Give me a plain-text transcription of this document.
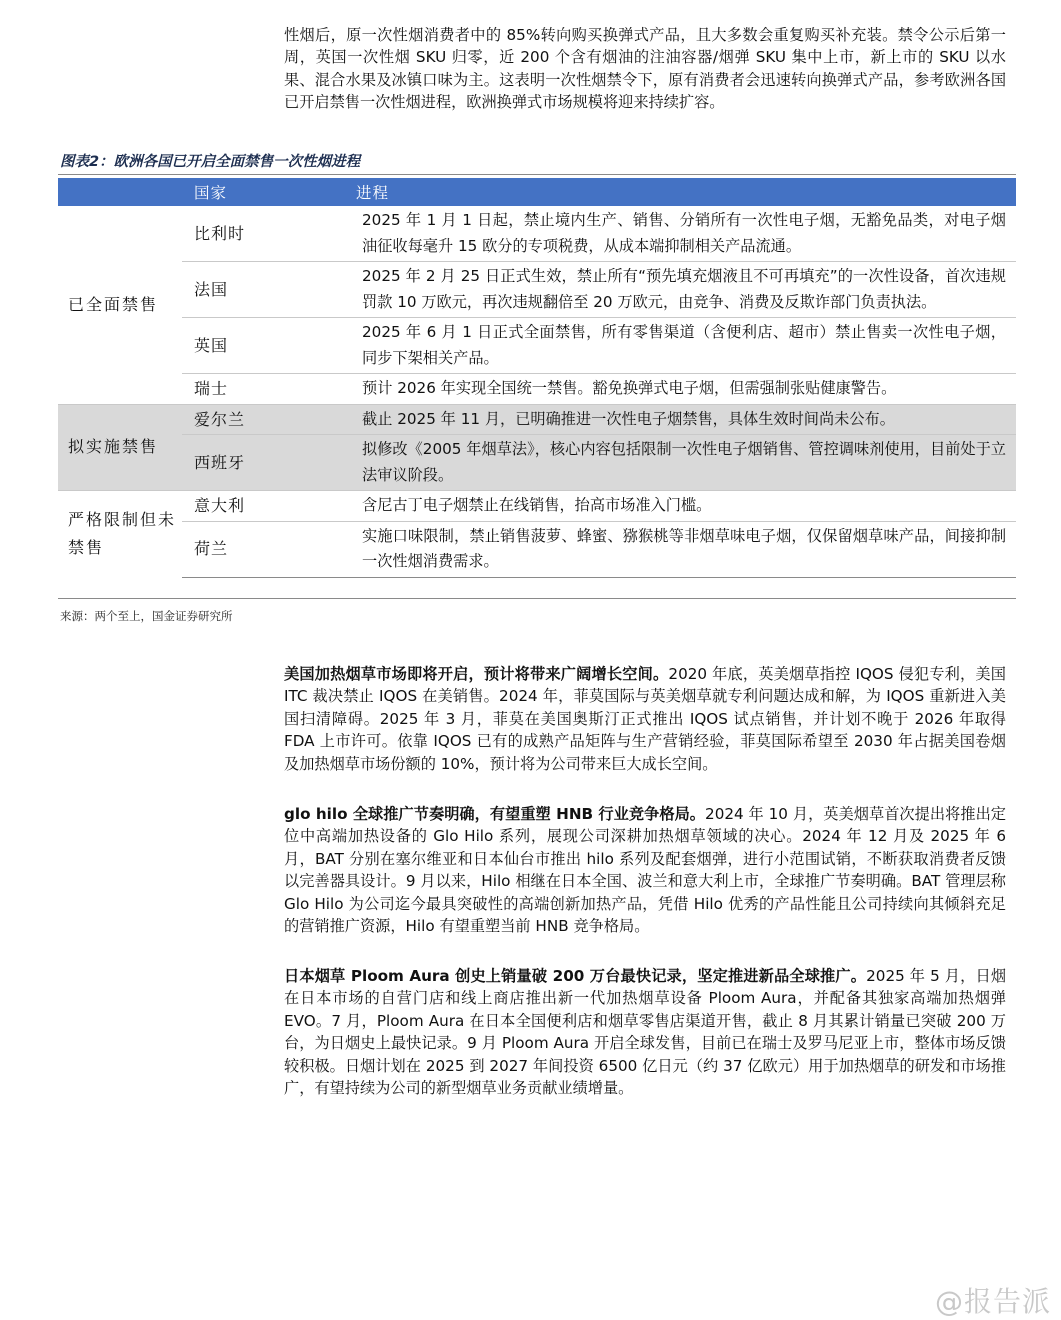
性烟后，原一次性烟消费者中的 85%转向购买换弹式产品，且大多数会重复购买补充装。禁令公示后第一周，英国一次性烟 SKU 归零，近 200 个含有烟油的注油容器/烟弹 SKU 集中上市，新上市的 SKU 以水果、混合水果及冰镇口味为主。这表明一次性烟禁令下，原有消费者会迅速转向换弹式产品，参考欧洲各国已开启禁售一次性烟进程，欧洲换弹式市场规模将迎来持续扩容。

图表2：欧洲各国已开启全面禁售一次性烟进程

	国家	进程
已全面禁售	比利时	2025 年 1 月 1 日起，禁止境内生产、销售、分销所有一次性电子烟，无豁免品类，对电子烟油征收每毫升 15 欧分的专项税费，从成本端抑制相关产品流通。
	法国	2025 年 2 月 25 日正式生效，禁止所有“预先填充烟液且不可再填充”的一次性设备，首次违规罚款 10 万欧元，再次违规翻倍至 20 万欧元，由竞争、消费及反欺诈部门负责执法。
	英国	2025 年 6 月 1 日正式全面禁售，所有零售渠道（含便利店、超市）禁止售卖一次性电子烟，同步下架相关产品。
	瑞士	预计 2026 年实现全国统一禁售。豁免换弹式电子烟，但需强制张贴健康警告。
拟实施禁售	爱尔兰	截止 2025 年 11 月，已明确推进一次性电子烟禁售，具体生效时间尚未公布。
	西班牙	拟修改《2005 年烟草法》，核心内容包括限制一次性电子烟销售、管控调味剂使用，目前处于立法审议阶段。
严格限制但未禁售	意大利	含尼古丁电子烟禁止在线销售，抬高市场准入门槛。
	荷兰	实施口味限制，禁止销售菠萝、蜂蜜、猕猴桃等非烟草味电子烟，仅保留烟草味产品，间接抑制一次性烟消费需求。

来源：两个至上，国金证券研究所

美国加热烟草市场即将开启，预计将带来广阔增长空间。2020 年底，英美烟草指控 IQOS 侵犯专利，美国 ITC 裁决禁止 IQOS 在美销售。2024 年，菲莫国际与英美烟草就专利问题达成和解，为 IQOS 重新进入美国扫清障碍。2025 年 3 月，菲莫在美国奥斯汀正式推出 IQOS 试点销售，并计划不晚于 2026 年取得 FDA 上市许可。依靠 IQOS 已有的成熟产品矩阵与生产营销经验，菲莫国际希望至 2030 年占据美国卷烟及加热烟草市场份额的 10%，预计将为公司带来巨大成长空间。

glo hilo 全球推广节奏明确，有望重塑 HNB 行业竞争格局。2024 年 10 月，英美烟草首次提出将推出定位中高端加热设备的 Glo Hilo 系列，展现公司深耕加热烟草领域的决心。2024 年 12 月及 2025 年 6 月，BAT 分别在塞尔维亚和日本仙台市推出 hilo 系列及配套烟弹，进行小范围试销，不断获取消费者反馈以完善器具设计。9 月以来，Hilo 相继在日本全国、波兰和意大利上市，全球推广节奏明确。BAT 管理层称 Glo Hilo 为公司迄今最具突破性的高端创新加热产品，凭借 Hilo 优秀的产品性能且公司持续向其倾斜充足的营销推广资源，Hilo 有望重塑当前 HNB 竞争格局。

日本烟草 Ploom Aura 创史上销量破 200 万台最快记录，坚定推进新品全球推广。2025 年 5 月，日烟在日本市场的自营门店和线上商店推出新一代加热烟草设备 Ploom Aura，并配备其独家高端加热烟弹 EVO。7 月，Ploom Aura 在日本全国便利店和烟草零售店渠道开售，截止 8 月其累计销量已突破 200 万台，为日烟史上最快记录。9 月 Ploom Aura 开启全球发售，目前已在瑞士及罗马尼亚上市，整体市场反馈较积极。日烟计划在 2025 到 2027 年间投资 6500 亿日元（约 37 亿欧元）用于加热烟草的研发和市场推广，有望持续为公司的新型烟草业务贡献业绩增量。

@报告派
